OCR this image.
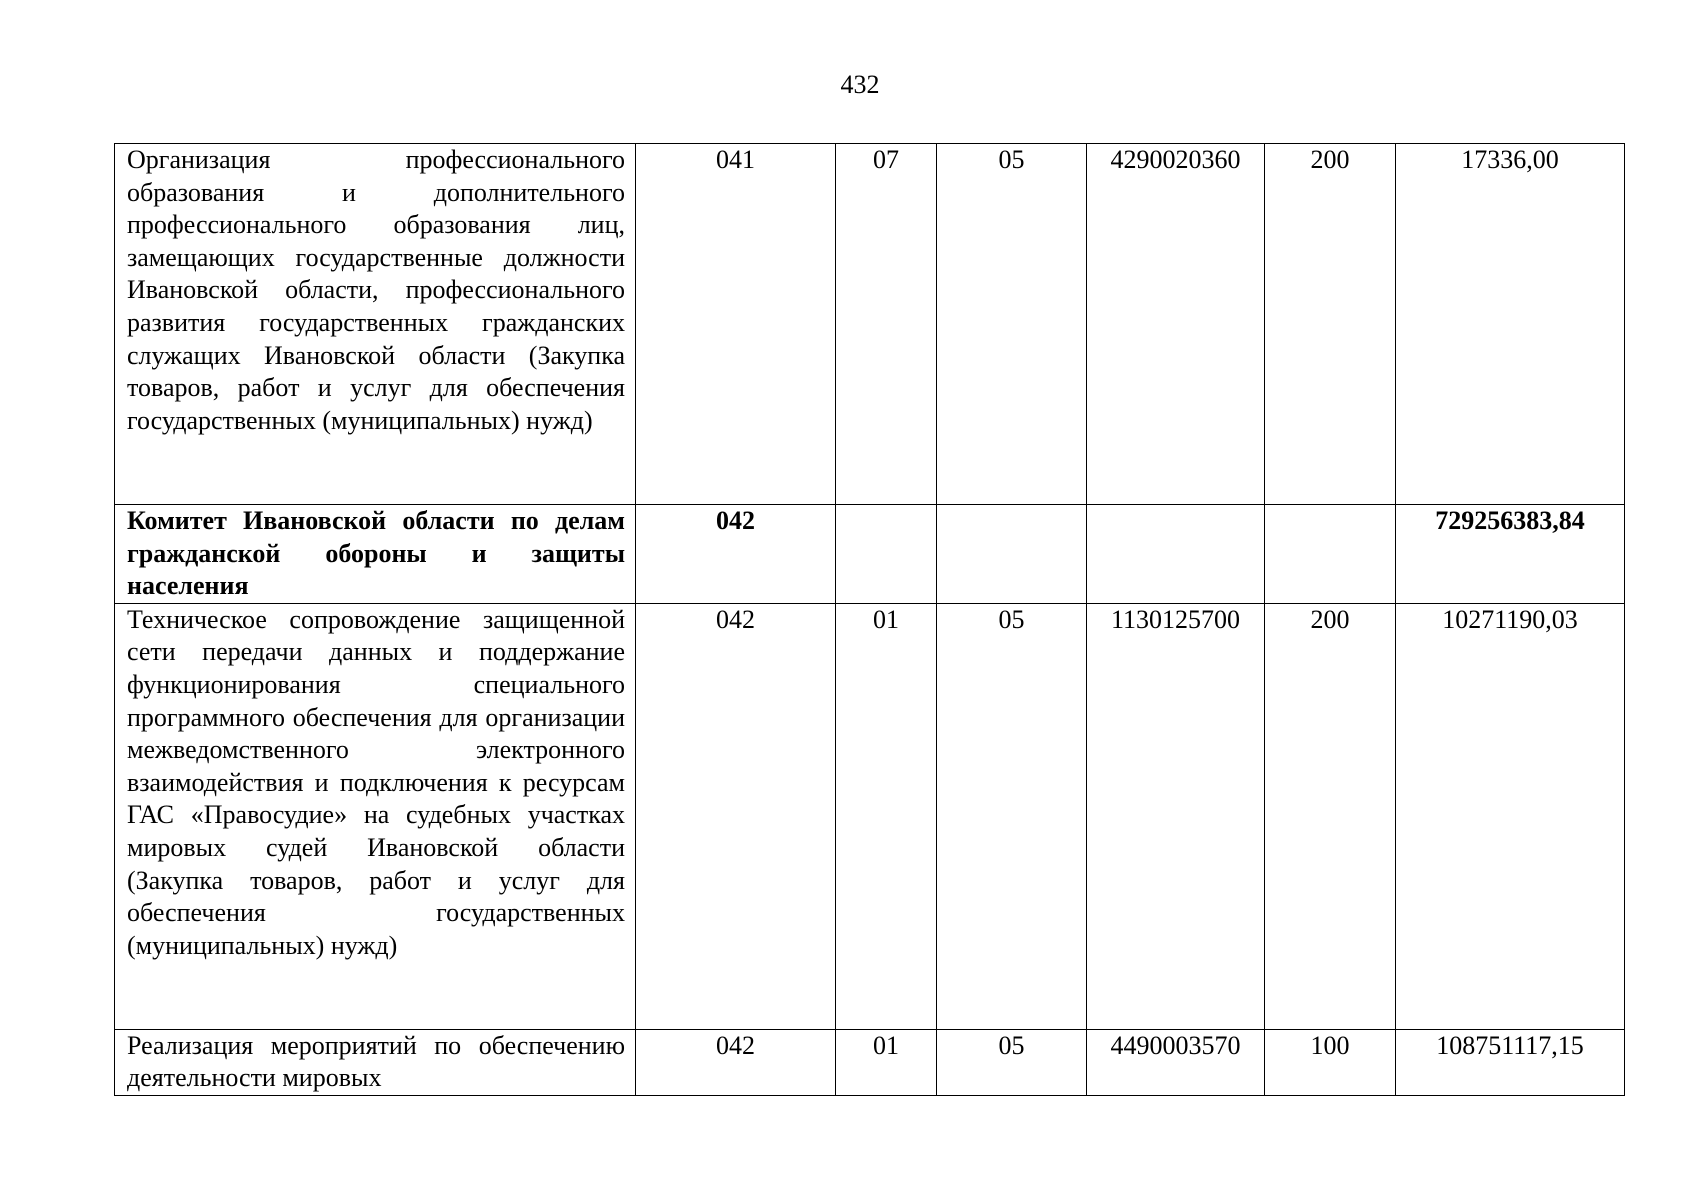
432
Организация профессионального образования и дополнительного профессионального образования лиц, замещающих государственные должности Ивановской области, профессионального развития государственных гражданских служащих Ивановской области (Закупка товаров, работ и услуг для обеспечения государственных (муниципальных) нужд)	041	07	05	4290020360	200	17336,00
Комитет Ивановской области по делам гражданской обороны и защиты населения	042					729256383,84
Техническое сопровождение защищенной сети передачи данных и поддержание функционирования специального программного обеспечения для организации межведомственного электронного взаимодействия и подключения к ресурсам ГАС «Правосудие» на судебных участках мировых судей Ивановской области (Закупка товаров, работ и услуг для обеспечения государственных (муниципальных) нужд)	042	01	05	1130125700	200	10271190,03
Реализация мероприятий по обеспечению деятельности мировых	042	01	05	4490003570	100	108751117,15
